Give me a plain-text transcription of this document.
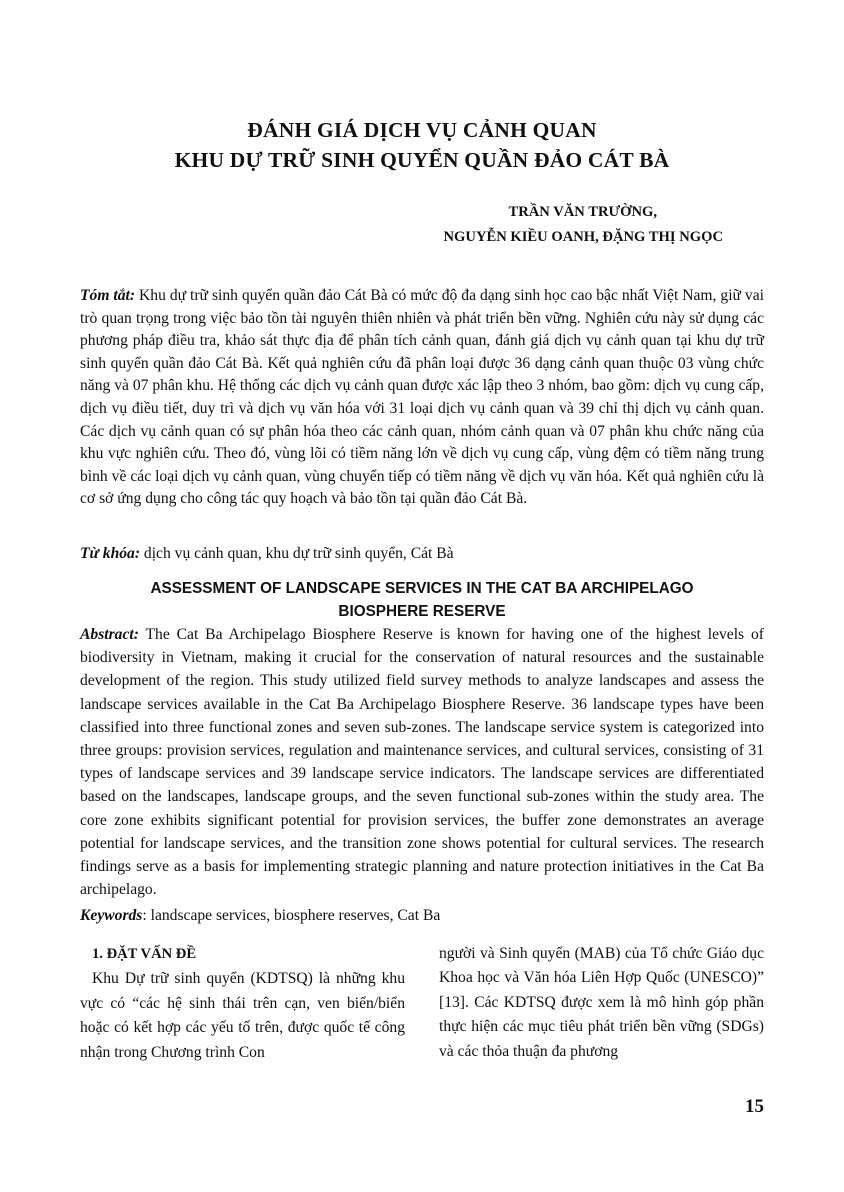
ĐÁNH GIÁ DỊCH VỤ CẢNH QUAN
KHU DỰ TRỮ SINH QUYỂN QUẦN ĐẢO CÁT BÀ
TRẦN VĂN TRƯỜNG,
NGUYỄN KIỀU OANH, ĐẶNG THỊ NGỌC
Tóm tắt: Khu dự trữ sinh quyển quần đảo Cát Bà có mức độ đa dạng sinh học cao bậc nhất Việt Nam, giữ vai trò quan trọng trong việc bảo tồn tài nguyên thiên nhiên và phát triển bền vững. Nghiên cứu này sử dụng các phương pháp điều tra, khảo sát thực địa để phân tích cảnh quan, đánh giá dịch vụ cảnh quan tại khu dự trữ sinh quyển quần đảo Cát Bà. Kết quả nghiên cứu đã phân loại được 36 dạng cảnh quan thuộc 03 vùng chức năng và 07 phân khu. Hệ thống các dịch vụ cảnh quan được xác lập theo 3 nhóm, bao gồm: dịch vụ cung cấp, dịch vụ điều tiết, duy trì và dịch vụ văn hóa với 31 loại dịch vụ cảnh quan và 39 chỉ thị dịch vụ cảnh quan. Các dịch vụ cảnh quan có sự phân hóa theo các cảnh quan, nhóm cảnh quan và 07 phân khu chức năng của khu vực nghiên cứu. Theo đó, vùng lõi có tiềm năng lớn về dịch vụ cung cấp, vùng đệm có tiềm năng trung bình về các loại dịch vụ cảnh quan, vùng chuyển tiếp có tiềm năng về dịch vụ văn hóa. Kết quả nghiên cứu là cơ sở ứng dụng cho công tác quy hoạch và bảo tồn tại quần đảo Cát Bà.
Từ khóa: dịch vụ cảnh quan, khu dự trữ sinh quyển, Cát Bà
ASSESSMENT OF LANDSCAPE SERVICES IN THE CAT BA ARCHIPELAGO
BIOSPHERE RESERVE
Abstract: The Cat Ba Archipelago Biosphere Reserve is known for having one of the highest levels of biodiversity in Vietnam, making it crucial for the conservation of natural resources and the sustainable development of the region. This study utilized field survey methods to analyze landscapes and assess the landscape services available in the Cat Ba Archipelago Biosphere Reserve. 36 landscape types have been classified into three functional zones and seven sub-zones. The landscape service system is categorized into three groups: provision services, regulation and maintenance services, and cultural services, consisting of 31 types of landscape services and 39 landscape service indicators. The landscape services are differentiated based on the landscapes, landscape groups, and the seven functional sub-zones within the study area. The core zone exhibits significant potential for provision services, the buffer zone demonstrates an average potential for landscape services, and the transition zone shows potential for cultural services. The research findings serve as a basis for implementing strategic planning and nature protection initiatives in the Cat Ba archipelago.
Keywords: landscape services, biosphere reserves, Cat Ba
1. ĐẶT VẤN ĐỀ

Khu Dự trữ sinh quyển (KDTSQ) là những khu vực có “các hệ sinh thái trên cạn, ven biển/biển hoặc có kết hợp các yếu tố trên, được quốc tế công nhận trong Chương trình Con

người và Sinh quyển (MAB) của Tổ chức Giáo dục Khoa học và Văn hóa Liên Hợp Quốc (UNESCO)” [13]. Các KDTSQ được xem là mô hình góp phần thực hiện các mục tiêu phát triển bền vững (SDGs) và các thỏa thuận đa phương

15
